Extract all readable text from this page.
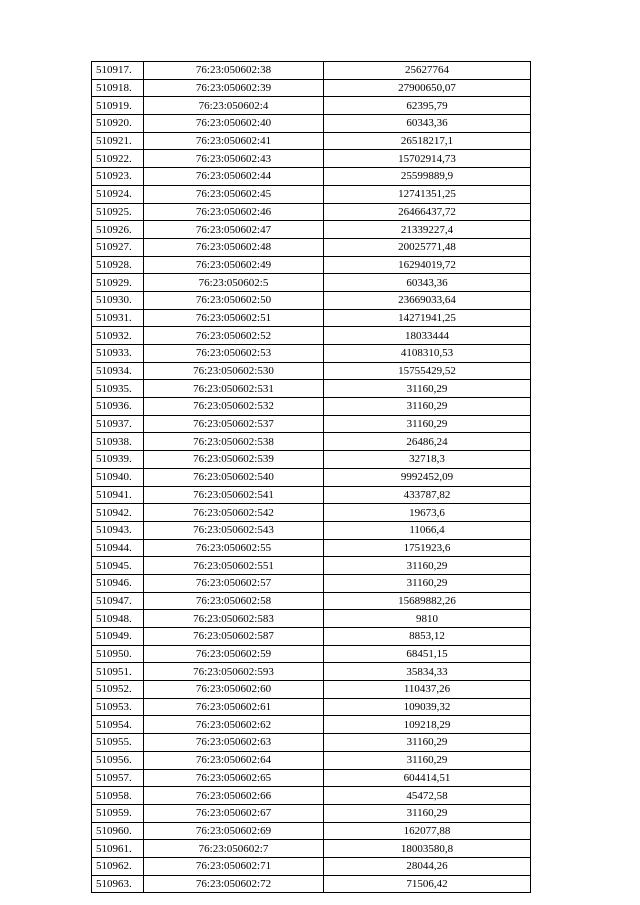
510917.	76:23:050602:38	25627764
510918.	76:23:050602:39	27900650,07
510919.	76:23:050602:4	62395,79
510920.	76:23:050602:40	60343,36
510921.	76:23:050602:41	26518217,1
510922.	76:23:050602:43	15702914,73
510923.	76:23:050602:44	25599889,9
510924.	76:23:050602:45	12741351,25
510925.	76:23:050602:46	26466437,72
510926.	76:23:050602:47	21339227,4
510927.	76:23:050602:48	20025771,48
510928.	76:23:050602:49	16294019,72
510929.	76:23:050602:5	60343,36
510930.	76:23:050602:50	23669033,64
510931.	76:23:050602:51	14271941,25
510932.	76:23:050602:52	18033444
510933.	76:23:050602:53	4108310,53
510934.	76:23:050602:530	15755429,52
510935.	76:23:050602:531	31160,29
510936.	76:23:050602:532	31160,29
510937.	76:23:050602:537	31160,29
510938.	76:23:050602:538	26486,24
510939.	76:23:050602:539	32718,3
510940.	76:23:050602:540	9992452,09
510941.	76:23:050602:541	433787,82
510942.	76:23:050602:542	19673,6
510943.	76:23:050602:543	11066,4
510944.	76:23:050602:55	1751923,6
510945.	76:23:050602:551	31160,29
510946.	76:23:050602:57	31160,29
510947.	76:23:050602:58	15689882,26
510948.	76:23:050602:583	9810
510949.	76:23:050602:587	8853,12
510950.	76:23:050602:59	68451,15
510951.	76:23:050602:593	35834,33
510952.	76:23:050602:60	110437,26
510953.	76:23:050602:61	109039,32
510954.	76:23:050602:62	109218,29
510955.	76:23:050602:63	31160,29
510956.	76:23:050602:64	31160,29
510957.	76:23:050602:65	604414,51
510958.	76:23:050602:66	45472,58
510959.	76:23:050602:67	31160,29
510960.	76:23:050602:69	162077,88
510961.	76:23:050602:7	18003580,8
510962.	76:23:050602:71	28044,26
510963.	76:23:050602:72	71506,42
